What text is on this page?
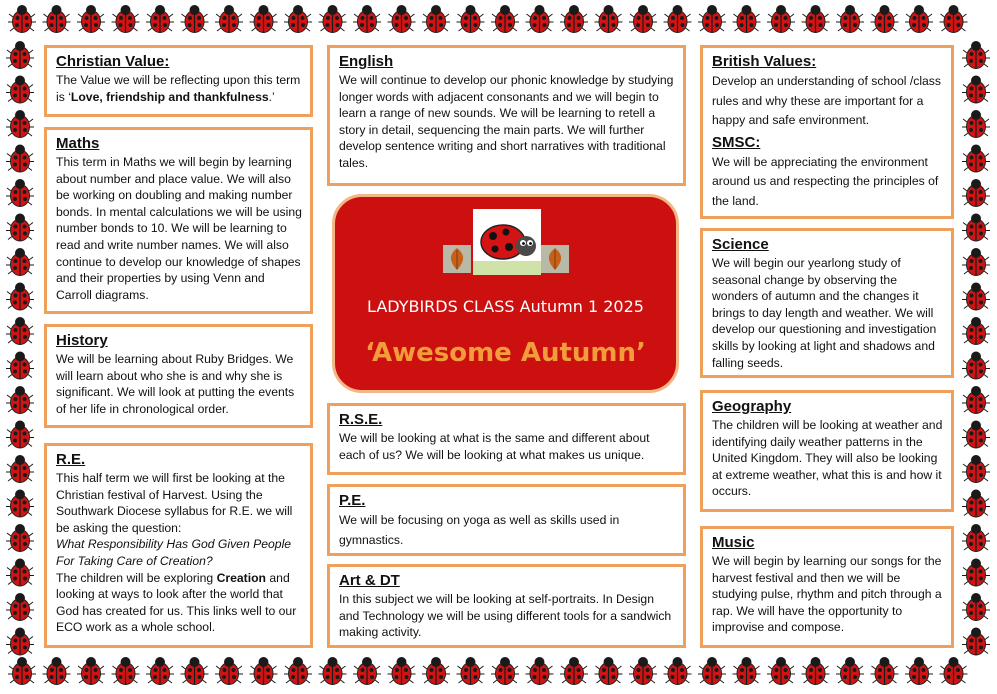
Christian Value:

The Value we will be reflecting upon this term is ‘Love, friendship and thankfulness.’

Maths

This term in Maths we will begin by learning about number and place value. We will also be working on doubling and making number bonds. In mental calculations we will be using number bonds to 10. We will be learning to read and write number names. We will also continue to develop our knowledge of shapes and their properties by using Venn and Carroll diagrams.

History

We will be learning about Ruby Bridges. We will learn about who she is and why she is significant. We will look at putting the events of her life in chronological order.

R.E.

This half term we will first be looking at the Christian festival of Harvest. Using the Southwark Diocese syllabus for R.E. we will be asking the question:

What Responsibility Has God Given People For Taking Care of Creation?

The children will be exploring Creation and looking at ways to look after the world that God has created for us. This links well to our ECO work as a whole school.

English

We will continue to develop our phonic knowledge by studying longer words with adjacent consonants and we will begin to learn a range of new sounds. We will be learning to retell a story in detail, sequencing the main parts. We will further develop sentence writing and short narratives with traditional tales.

LADYBIRDS CLASS Autumn 1 2025
‘Awesome Autumn’
R.S.E.

We will be looking at what is the same and different about each of us? We will be looking at what makes us unique.

P.E.

We will be focusing on yoga as well as skills used in gymnastics.

Art & DT

In this subject we will be looking at self-portraits. In Design and Technology we will be using different tools for a sandwich making activity.

British Values:

Develop an understanding of school /class rules and why these are important for a happy and safe environment.

SMSC:

We will be appreciating the environment around us and respecting the principles of the land.

Science

We will begin our yearlong study of seasonal change by observing the wonders of autumn and the changes it brings to day length and weather. We will develop our questioning and investigation skills by looking at light and shadows and falling seeds.

Geography

The children will be looking at weather and identifying daily weather patterns in the United Kingdom. They will also be looking at extreme weather, what this is and how it occurs.

Music

We will begin by learning our songs for the harvest festival and then we will be studying pulse, rhythm and pitch through a rap. We will have the opportunity to improvise and compose.
